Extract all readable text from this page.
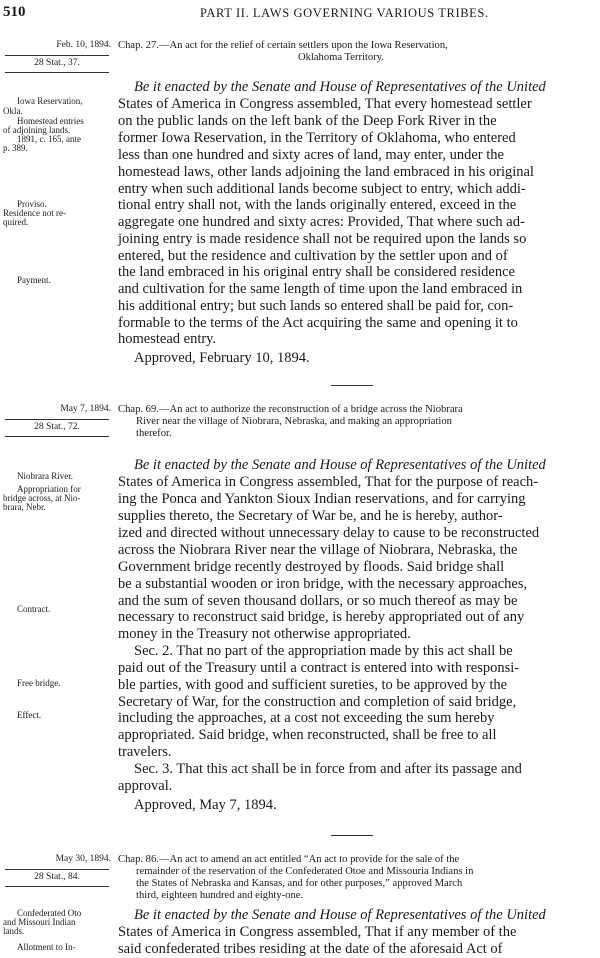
510	PART II. LAWS GOVERNING VARIOUS TRIBES.
Feb. 10, 1894.
28 Stat., 37.
Chap. 27.—An act for the relief of certain settlers upon the Iowa Reservation,
Oklahoma Territory.
Iowa Reservation,
Okla.
Homestead entries
of adjoining lands.
1891, c. 165, ante
p. 389.
Proviso.
Residence not re-
quired.
Payment.
Be it enacted by the Senate and House of Representatives of the United
States of America in Congress assembled, That every homestead settler
on the public lands on the left bank of the Deep Fork River in the
former Iowa Reservation, in the Territory of Oklahoma, who entered
less than one hundred and sixty acres of land, may enter, under the
homestead laws, other lands adjoining the land embraced in his original
entry when such additional lands become subject to entry, which addi-
tional entry shall not, with the lands originally entered, exceed in the
aggregate one hundred and sixty acres: Provided, That where such ad-
joining entry is made residence shall not be required upon the lands so
entered, but the residence and cultivation by the settler upon and of
the land embraced in his original entry shall be considered residence
and cultivation for the same length of time upon the land embraced in
his additional entry; but such lands so entered shall be paid for, con-
formable to the terms of the Act acquiring the same and opening it to
homestead entry.
Approved, February 10, 1894.
May 7, 1894.
28 Stat., 72.
Chap. 69.—An act to authorize the reconstruction of a bridge across the Niobrara
River near the village of Niobrara, Nebraska, and making an appropriation
therefor.
Niobrara River.
Appropriation for
bridge across, at Nio-
brara, Nebr.
Contract.
Free bridge.
Effect.
Be it enacted by the Senate and House of Representatives of the United
States of America in Congress assembled, That for the purpose of reach-
ing the Ponca and Yankton Sioux Indian reservations, and for carrying
supplies thereto, the Secretary of War be, and he is hereby, author-
ized and directed without unnecessary delay to cause to be reconstructed
across the Niobrara River near the village of Niobrara, Nebraska, the
Government bridge recently destroyed by floods. Said bridge shall
be a substantial wooden or iron bridge, with the necessary approaches,
and the sum of seven thousand dollars, or so much thereof as may be
necessary to reconstruct said bridge, is hereby appropriated out of any
money in the Treasury not otherwise appropriated.
Sec. 2. That no part of the appropriation made by this act shall be
paid out of the Treasury until a contract is entered into with responsi-
ble parties, with good and sufficient sureties, to be approved by the
Secretary of War, for the construction and completion of said bridge,
including the approaches, at a cost not exceeding the sum hereby
appropriated. Said bridge, when reconstructed, shall be free to all
travelers.
Sec. 3. That this act shall be in force from and after its passage and
approval.
Approved, May 7, 1894.
May 30, 1894.
28 Stat., 84.
Chap. 86.—An act to amend an act entitled “An act to provide for the sale of the
remainder of the reservation of the Confederated Otoe and Missouria Indians in
the States of Nebraska and Kansas, and for other purposes,” approved March
third, eighteen hundred and eighty-one.
Confederated Oto
and Missouri Indian
lands.
Be it enacted by the Senate and House of Representatives of the United
States of America in Congress assembled, That if any member of the
said confederated tribes residing at the date of the aforesaid Act of
Allotment to In-
